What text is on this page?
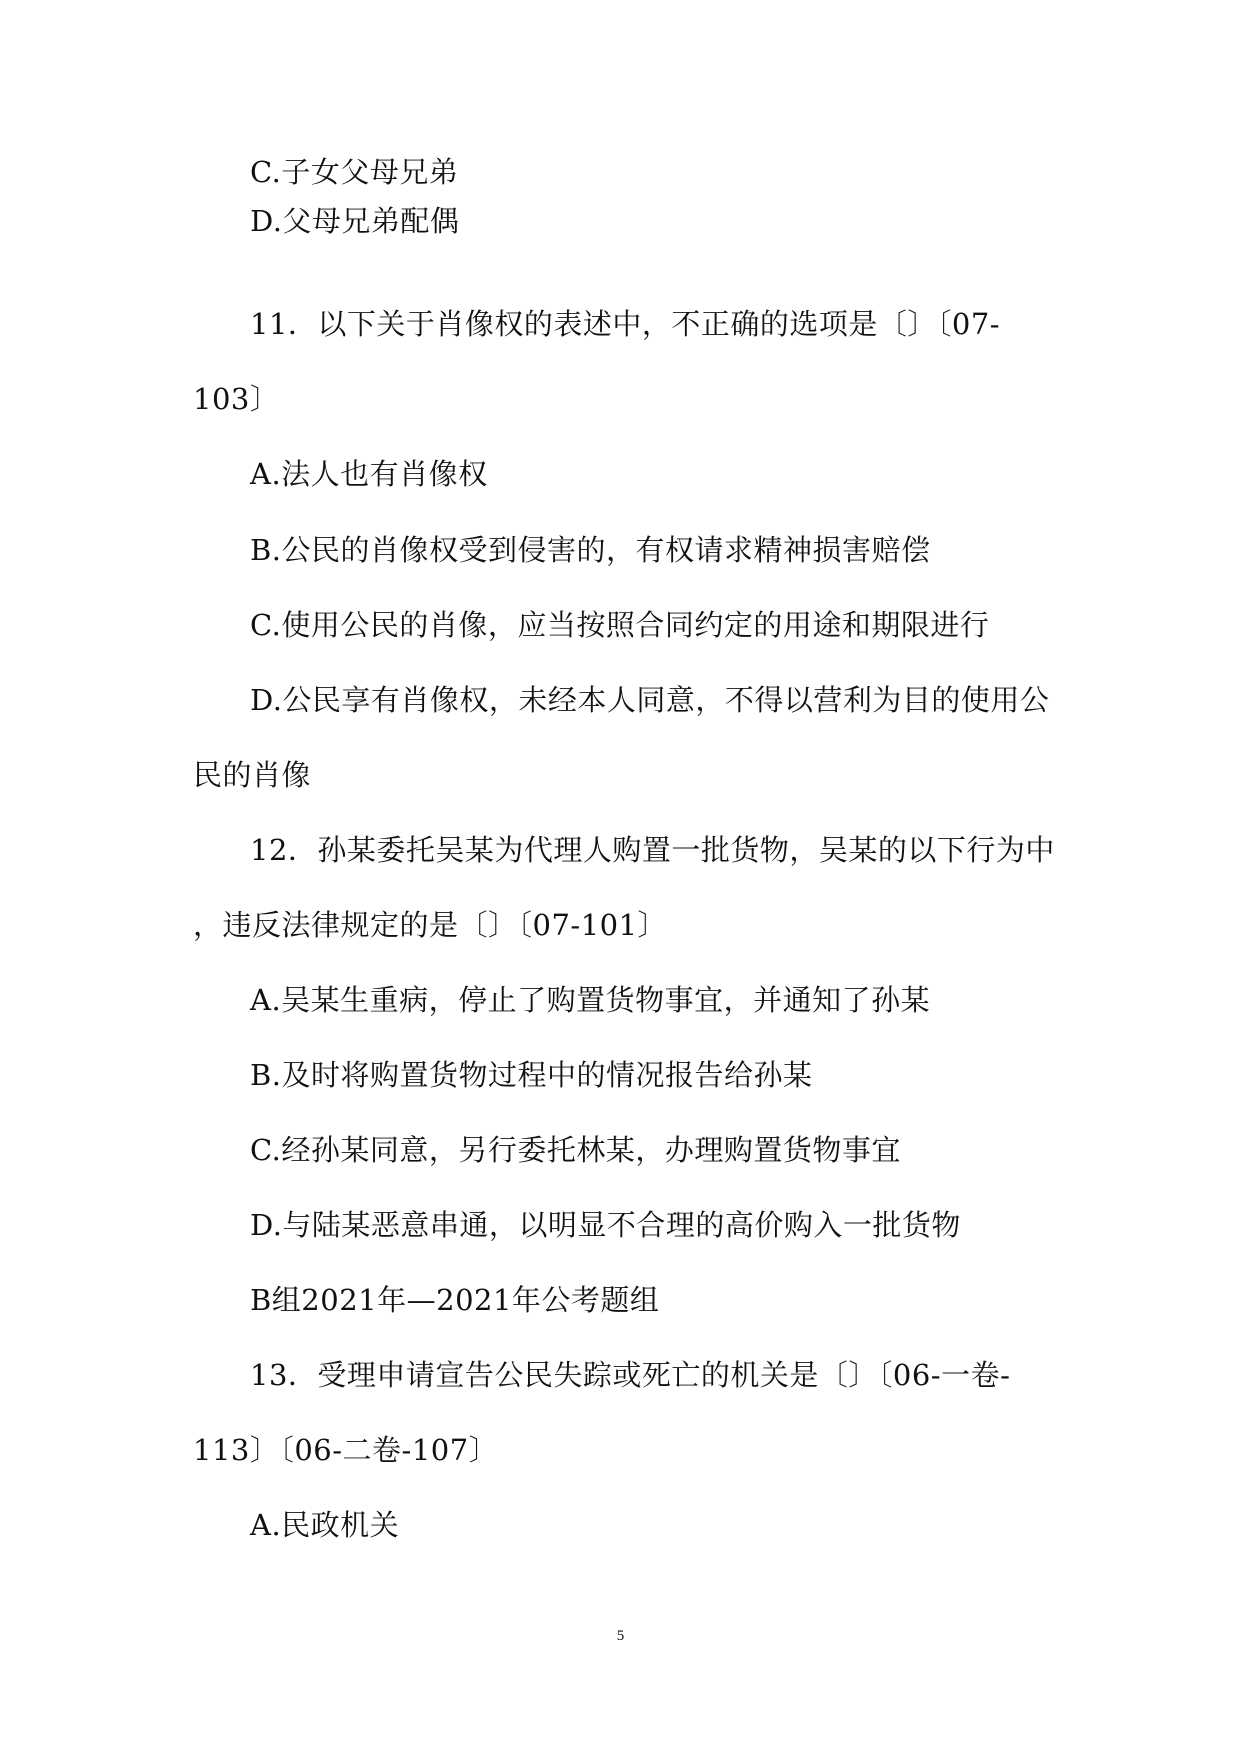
C.子女父母兄弟
D.父母兄弟配偶
11．以下关于肖像权的表述中，不正确的选项是〔〕〔07-
103〕
A.法人也有肖像权
B.公民的肖像权受到侵害的，有权请求精神损害赔偿
C.使用公民的肖像，应当按照合同约定的用途和期限进行
D.公民享有肖像权，未经本人同意，不得以营利为目的使用公
民的肖像
12．孙某委托吴某为代理人购置一批货物，吴某的以下行为中
，违反法律规定的是〔〕〔07-101〕
A.吴某生重病，停止了购置货物事宜，并通知了孙某
B.及时将购置货物过程中的情况报告给孙某
C.经孙某同意，另行委托林某，办理购置货物事宜
D.与陆某恶意串通，以明显不合理的高价购入一批货物
B组2021年—2021年公考题组
13．受理申请宣告公民失踪或死亡的机关是〔〕〔06-一卷-
113〕〔06-二卷-107〕
A.民政机关
5
